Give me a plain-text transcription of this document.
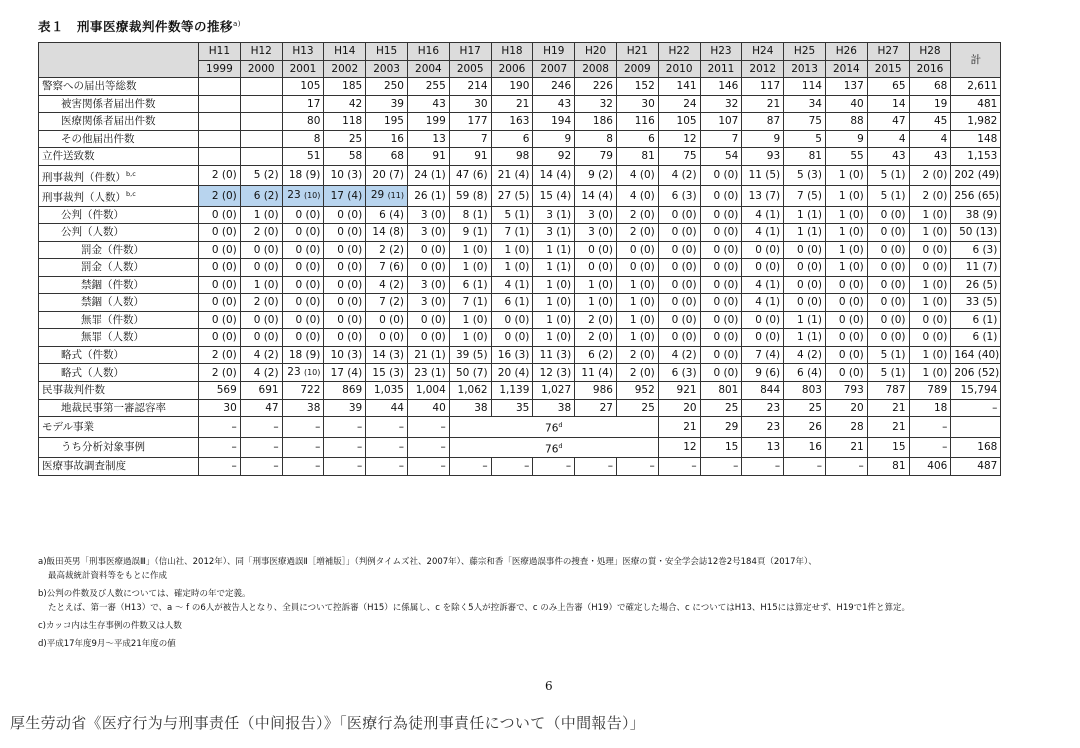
表１　刑事医療裁判件数等の推移$^{a)}$
	H11	H12	H13	H14	H15	H16	H17	H18	H19	H20	H21	H22	H23	H24	H25	H26	H27	H28	計
	1999	2000	2001	2002	2003	2004	2005	2006	2007	2008	2009	2010	2011	2012	2013	2014	2015	2016	
警察への届出等総数			105	185	250	255	214	190	246	226	152	141	146	117	114	137	65	68	2,611
被害関係者届出件数			17	42	39	43	30	21	43	32	30	24	32	21	34	40	14	19	481
医療関係者届出件数			80	118	195	199	177	163	194	186	116	105	107	87	75	88	47	45	1,982
その他届出件数			8	25	16	13	7	6	9	8	6	12	7	9	5	9	4	4	148
立件送致数			51	58	68	91	91	98	92	79	81	75	54	93	81	55	43	43	1,153
刑事裁判（件数）$^{b,c}$	2 (0)	5 (2)	18 (9)	10 (3)	20 (7)	24 (1)	47 (6)	21 (4)	14 (4)	9 (2)	4 (0)	4 (2)	0 (0)	11 (5)	5 (3)	1 (0)	5 (1)	2 (0)	202 (49)
刑事裁判（人数）$^{b,c}$	2 (0)	6 (2)	23 (10)	17 (4)	29 (11)	26 (1)	59 (8)	27 (5)	15 (4)	14 (4)	4 (0)	6 (3)	0 (0)	13 (7)	7 (5)	1 (0)	5 (1)	2 (0)	256 (65)
公判（件数）	0 (0)	1 (0)	0 (0)	0 (0)	6 (4)	3 (0)	8 (1)	5 (1)	3 (1)	3 (0)	2 (0)	0 (0)	0 (0)	4 (1)	1 (1)	1 (0)	0 (0)	1 (0)	38 (9)
公判（人数）	0 (0)	2 (0)	0 (0)	0 (0)	14 (8)	3 (0)	9 (1)	7 (1)	3 (1)	3 (0)	2 (0)	0 (0)	0 (0)	4 (1)	1 (1)	1 (0)	0 (0)	1 (0)	50 (13)
罰金（件数）	0 (0)	0 (0)	0 (0)	0 (0)	2 (2)	0 (0)	1 (0)	1 (0)	1 (1)	0 (0)	0 (0)	0 (0)	0 (0)	0 (0)	0 (0)	1 (0)	0 (0)	0 (0)	6 (3)
罰金（人数）	0 (0)	0 (0)	0 (0)	0 (0)	7 (6)	0 (0)	1 (0)	1 (0)	1 (1)	0 (0)	0 (0)	0 (0)	0 (0)	0 (0)	0 (0)	1 (0)	0 (0)	0 (0)	11 (7)
禁錮（件数）	0 (0)	1 (0)	0 (0)	0 (0)	4 (2)	3 (0)	6 (1)	4 (1)	1 (0)	1 (0)	1 (0)	0 (0)	0 (0)	4 (1)	0 (0)	0 (0)	0 (0)	1 (0)	26 (5)
禁錮（人数）	0 (0)	2 (0)	0 (0)	0 (0)	7 (2)	3 (0)	7 (1)	6 (1)	1 (0)	1 (0)	1 (0)	0 (0)	0 (0)	4 (1)	0 (0)	0 (0)	0 (0)	1 (0)	33 (5)
無罪（件数）	0 (0)	0 (0)	0 (0)	0 (0)	0 (0)	0 (0)	1 (0)	0 (0)	1 (0)	2 (0)	1 (0)	0 (0)	0 (0)	0 (0)	1 (1)	0 (0)	0 (0)	0 (0)	6 (1)
無罪（人数）	0 (0)	0 (0)	0 (0)	0 (0)	0 (0)	0 (0)	1 (0)	0 (0)	1 (0)	2 (0)	1 (0)	0 (0)	0 (0)	0 (0)	1 (1)	0 (0)	0 (0)	0 (0)	6 (1)
略式（件数）	2 (0)	4 (2)	18 (9)	10 (3)	14 (3)	21 (1)	39 (5)	16 (3)	11 (3)	6 (2)	2 (0)	4 (2)	0 (0)	7 (4)	4 (2)	0 (0)	5 (1)	1 (0)	164 (40)
略式（人数）	2 (0)	4 (2)	23 (10)	17 (4)	15 (3)	23 (1)	50 (7)	20 (4)	12 (3)	11 (4)	2 (0)	6 (3)	0 (0)	9 (6)	6 (4)	0 (0)	5 (1)	1 (0)	206 (52)
民事裁判件数	569	691	722	869	1,035	1,004	1,062	1,139	1,027	986	952	921	801	844	803	793	787	789	15,794
地裁民事第一審認容率	30	47	38	39	44	40	38	35	38	27	25	20	25	23	25	20	21	18	–
モデル事業	–	–	–	–	–	–	76$^d$					21	29	23	26	28	21	–	
うち分析対象事例	–	–	–	–	–	–	76$^d$					12	15	13	16	21	15	–	168
医療事故調査制度	–	–	–	–	–	–	–	–	–	–	–	–	–	–	–	–	81	406	487

a)飯田英男「刑事医療過誤Ⅲ」（信山社、2012年）、同「刑事医療過誤Ⅱ［増補版］」（判例タイムズ社、2007年）、藤宗和香「医療過誤事件の捜査・処理」医療の質・安全学会誌12巻2号184頁（2017年）、
最高裁統計資料等をもとに作成

b)公判の件数及び人数については、確定時の年で定義。
たとえば、第一審（H13）で、a 〜 f の6人が被告人となり、全員について控訴審（H15）に係属し、c を除く5人が控訴審で、c のみ上告審（H19）で確定した場合、c についてはH13、H15には算定せず、H19で1件と算定。

c)カッコ内は生存事例の件数又は人数

d)平成17年度9月〜平成21年度の値

6
厚生劳动省《医疗行为与刑事责任（中间报告）》「医療行為徒刑事責任について（中間報告）」
